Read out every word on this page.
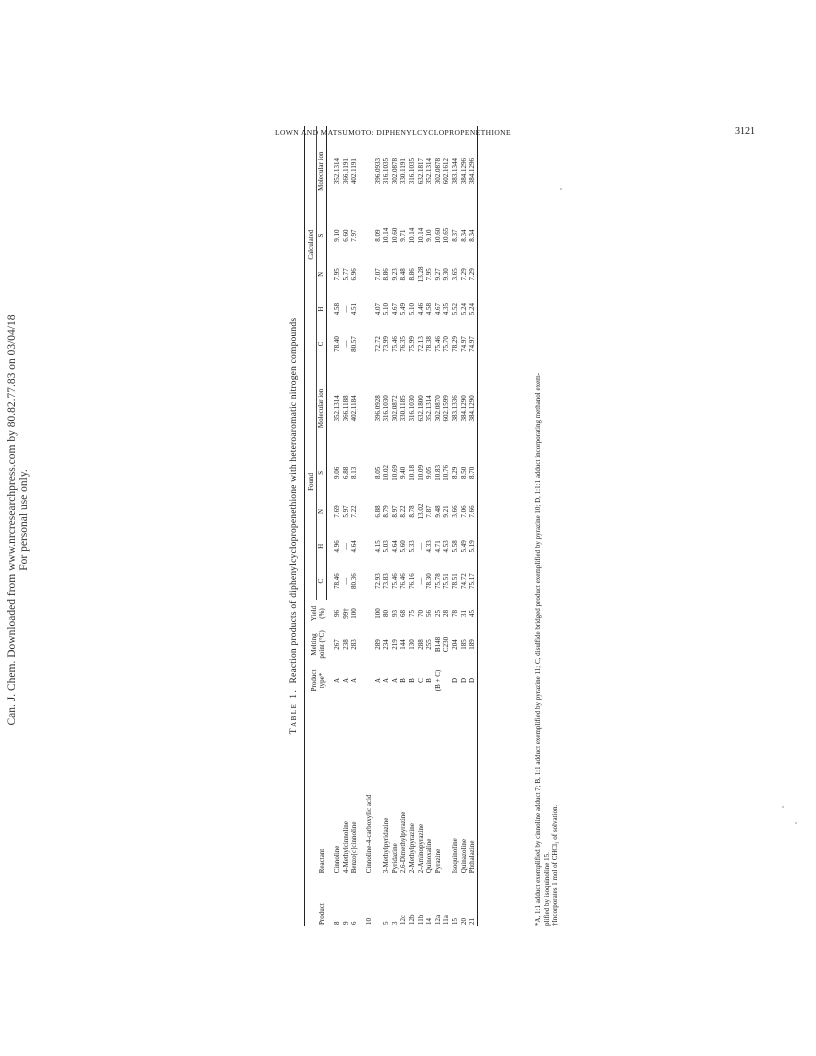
Can. J. Chem. Downloaded from www.nrcresearchpress.com by 80.82.77.83 on 03/04/18 For personal use only.
LOWN AND MATSUMOTO: DIPHENYLCYCLOPROPENETHIONE	3121
Table 1.  Reaction products of diphenylcyclopropenethione with heteroaromatic nitrogen compounds
Product	Reactant	Product type*	Melting point (°C)	Yield (%)	Found					Calculated				
					C	H	N	S	Molecular ion	C	H	N	S	Molecular ion

8	Cinnoline	A	267	96	78.46	4.96	7.69	9.06	352.1314	78.40	4.58	7.95	9.10	352.1314
9	4-Methylcinnoline	A	238	99†	—	—	5.97	6.88	366.1188	—	—	5.77	6.60	366.1191
6	Benzo[c]cinnoline	A	283	100	80.36	4.64	7.22	8.13	402.1184	80.57	4.51	6.96	7.97	402.1191

10	Cinnoline-4-carboxylic acid													
		A	289	100	72.93	4.15	6.88	8.05	396.0928	72.72	4.07	7.07	8.09	396.0933
5	3-Methylpyridazine	A	234	80	73.83	5.03	8.79	10.02	316.1030	73.99	5.10	8.86	10.14	316.1035
3	Pyridazine	A	219	93	75.46	4.64	8.97	10.69	302.0872	75.46	4.67	9.23	10.60	302.0878
12c	2,6-Dimethylpyrazine	B	144	68	76.46	5.60	8.22	9.40	330.1185	76.35	5.49	8.48	9.71	330.1191
12b	2-Methylpyrazine	B	130	75	76.16	5.33	8.78	10.18	316.1030	75.99	5.10	8.86	10.14	316.1035
11b	2-Aminopyrazine	C	288	70	—	—	13.02	10.09	632.1800	72.13	4.46	13.28	10.14	632.1817
14	Quinoxaline	B	255	56	78.30	4.33	7.87	9.05	352.1314	78.38	4.58	7.95	9.10	352.1314
12a	Pyrazine	(B + C)	B148	25	75.78	4.71	9.48	10.83	302.0870	75.46	4.67	9.27	10.60	302.0878
11a			C230	28	75.51	4.53	9.21	10.76	602.1599	75.70	4.35	9.30	10.65	602.1612
15	Isoquinoline	D	204	78	78.51	5.58	3.66	8.29	383.1336	78.29	5.52	3.65	8.37	383.1344
20	Quinazoline	D	185	31	74.72	5.49	7.06	8.50	384.1290	74.97	5.24	7.29	8.34	384.1296
21	Phthalazine	D	189	45	75.17	5.19	7.66	8.70	384.1290	74.97	5.24	7.29	8.34	384.1296
*A, 1:1 adduct exemplified by cinnoline adduct 7; B, 1:1 adduct exemplified by pyrazine 11; C, disulfide bridged product exemplified by pyrazine 10; D, 1:1:1 adduct incorporating methanol exem- plified by isoquinoline 15. †Incorporates 1 mol of CHCl₃ of solvation.
